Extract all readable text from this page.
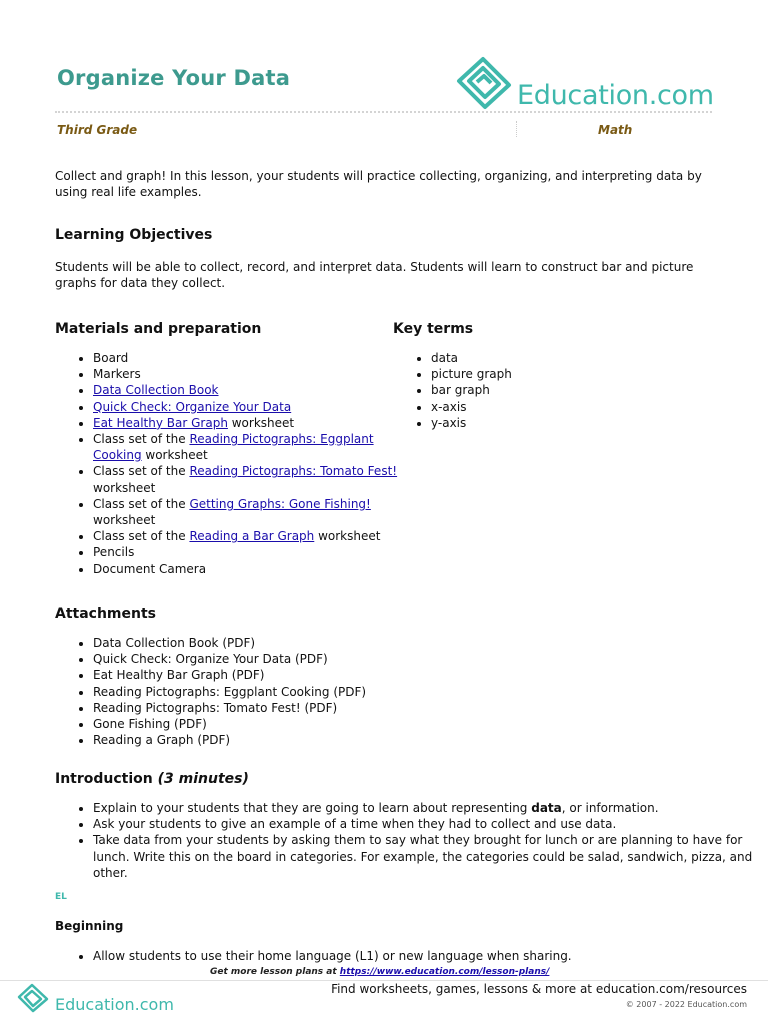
Organize Your Data
Education.com
Third Grade	Math
Collect and graph! In this lesson, your students will practice collecting, organizing, and interpreting data by using real life examples.
Learning Objectives
Students will be able to collect, record, and interpret data. Students will learn to construct bar and picture graphs for data they collect.
Materials and preparation
• Board
• Markers
• Data Collection Book
• Quick Check: Organize Your Data
• Eat Healthy Bar Graph worksheet
• Class set of the Reading Pictographs: Eggplant Cooking worksheet
• Class set of the Reading Pictographs: Tomato Fest! worksheet
• Class set of the Getting Graphs: Gone Fishing! worksheet
• Class set of the Reading a Bar Graph worksheet
• Pencils
• Document Camera
Key terms
• data
• picture graph
• bar graph
• x-axis
• y-axis
Attachments
• Data Collection Book (PDF)
• Quick Check: Organize Your Data (PDF)
• Eat Healthy Bar Graph (PDF)
• Reading Pictographs: Eggplant Cooking (PDF)
• Reading Pictographs: Tomato Fest! (PDF)
• Gone Fishing (PDF)
• Reading a Graph (PDF)
Introduction (3 minutes)
• Explain to your students that they are going to learn about representing data, or information.
• Ask your students to give an example of a time when they had to collect and use data.
• Take data from your students by asking them to say what they brought for lunch or are planning to have for lunch. Write this on the board in categories. For example, the categories could be salad, sandwich, pizza, and other.
EL
Beginning
• Allow students to use their home language (L1) or new language when sharing.
Get more lesson plans at https://www.education.com/lesson-plans/
Education.com
Find worksheets, games, lessons & more at education.com/resources
© 2007 - 2022 Education.com
